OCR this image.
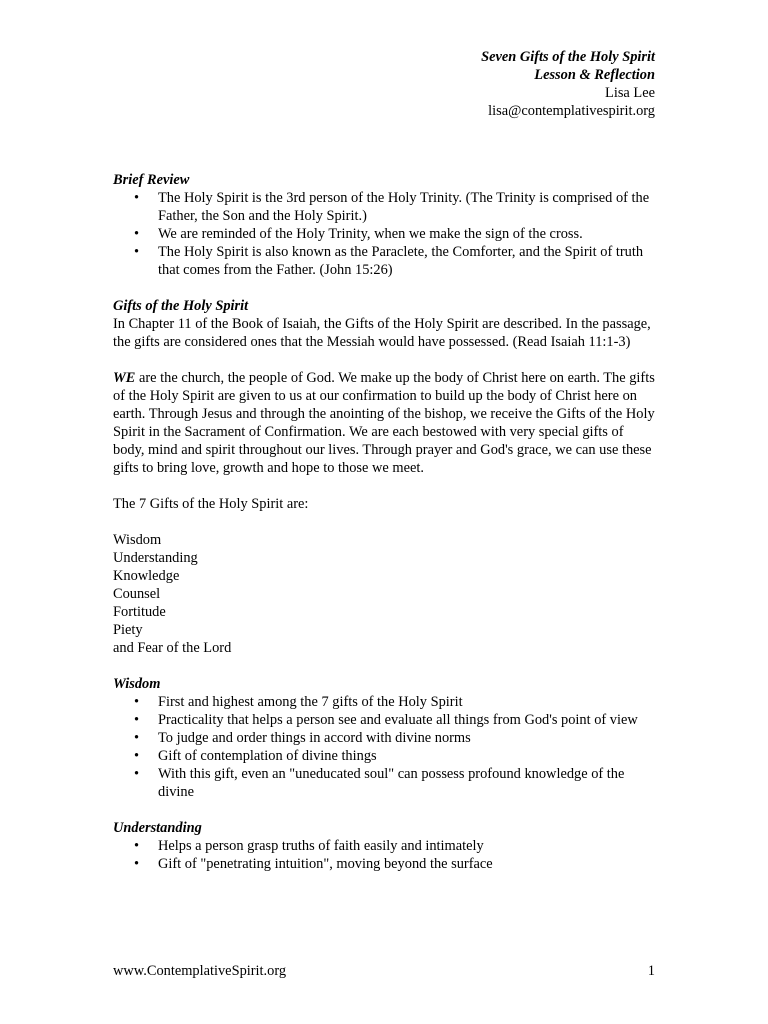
Seven Gifts of the Holy Spirit
Lesson & Reflection
Lisa Lee
lisa@contemplativespirit.org
Brief Review
• The Holy Spirit is the 3rd person of the Holy Trinity. (The Trinity is comprised of the Father, the Son and the Holy Spirit.)
• We are reminded of the Holy Trinity, when we make the sign of the cross.
• The Holy Spirit is also known as the Paraclete, the Comforter, and the Spirit of truth that comes from the Father. (John 15:26)
Gifts of the Holy Spirit

In Chapter 11 of the Book of Isaiah, the Gifts of the Holy Spirit are described. In the passage, the gifts are considered ones that the Messiah would have possessed. (Read Isaiah 11:1-3)

WE are the church, the people of God. We make up the body of Christ here on earth. The gifts of the Holy Spirit are given to us at our confirmation to build up the body of Christ here on earth. Through Jesus and through the anointing of the bishop, we receive the Gifts of the Holy Spirit in the Sacrament of Confirmation. We are each bestowed with very special gifts of body, mind and spirit throughout our lives. Through prayer and God's grace, we can use these gifts to bring love, growth and hope to those we meet.

The 7 Gifts of the Holy Spirit are:

Wisdom
Understanding
Knowledge
Counsel
Fortitude
Piety
and Fear of the Lord
Wisdom
• First and highest among the 7 gifts of the Holy Spirit
• Practicality that helps a person see and evaluate all things from God's point of view
• To judge and order things in accord with divine norms
• Gift of contemplation of divine things
• With this gift, even an "uneducated soul" can possess profound knowledge of the divine
Understanding
• Helps a person grasp truths of faith easily and intimately
• Gift of "penetrating intuition", moving beyond the surface
www.ContemplativeSpirit.org	1
